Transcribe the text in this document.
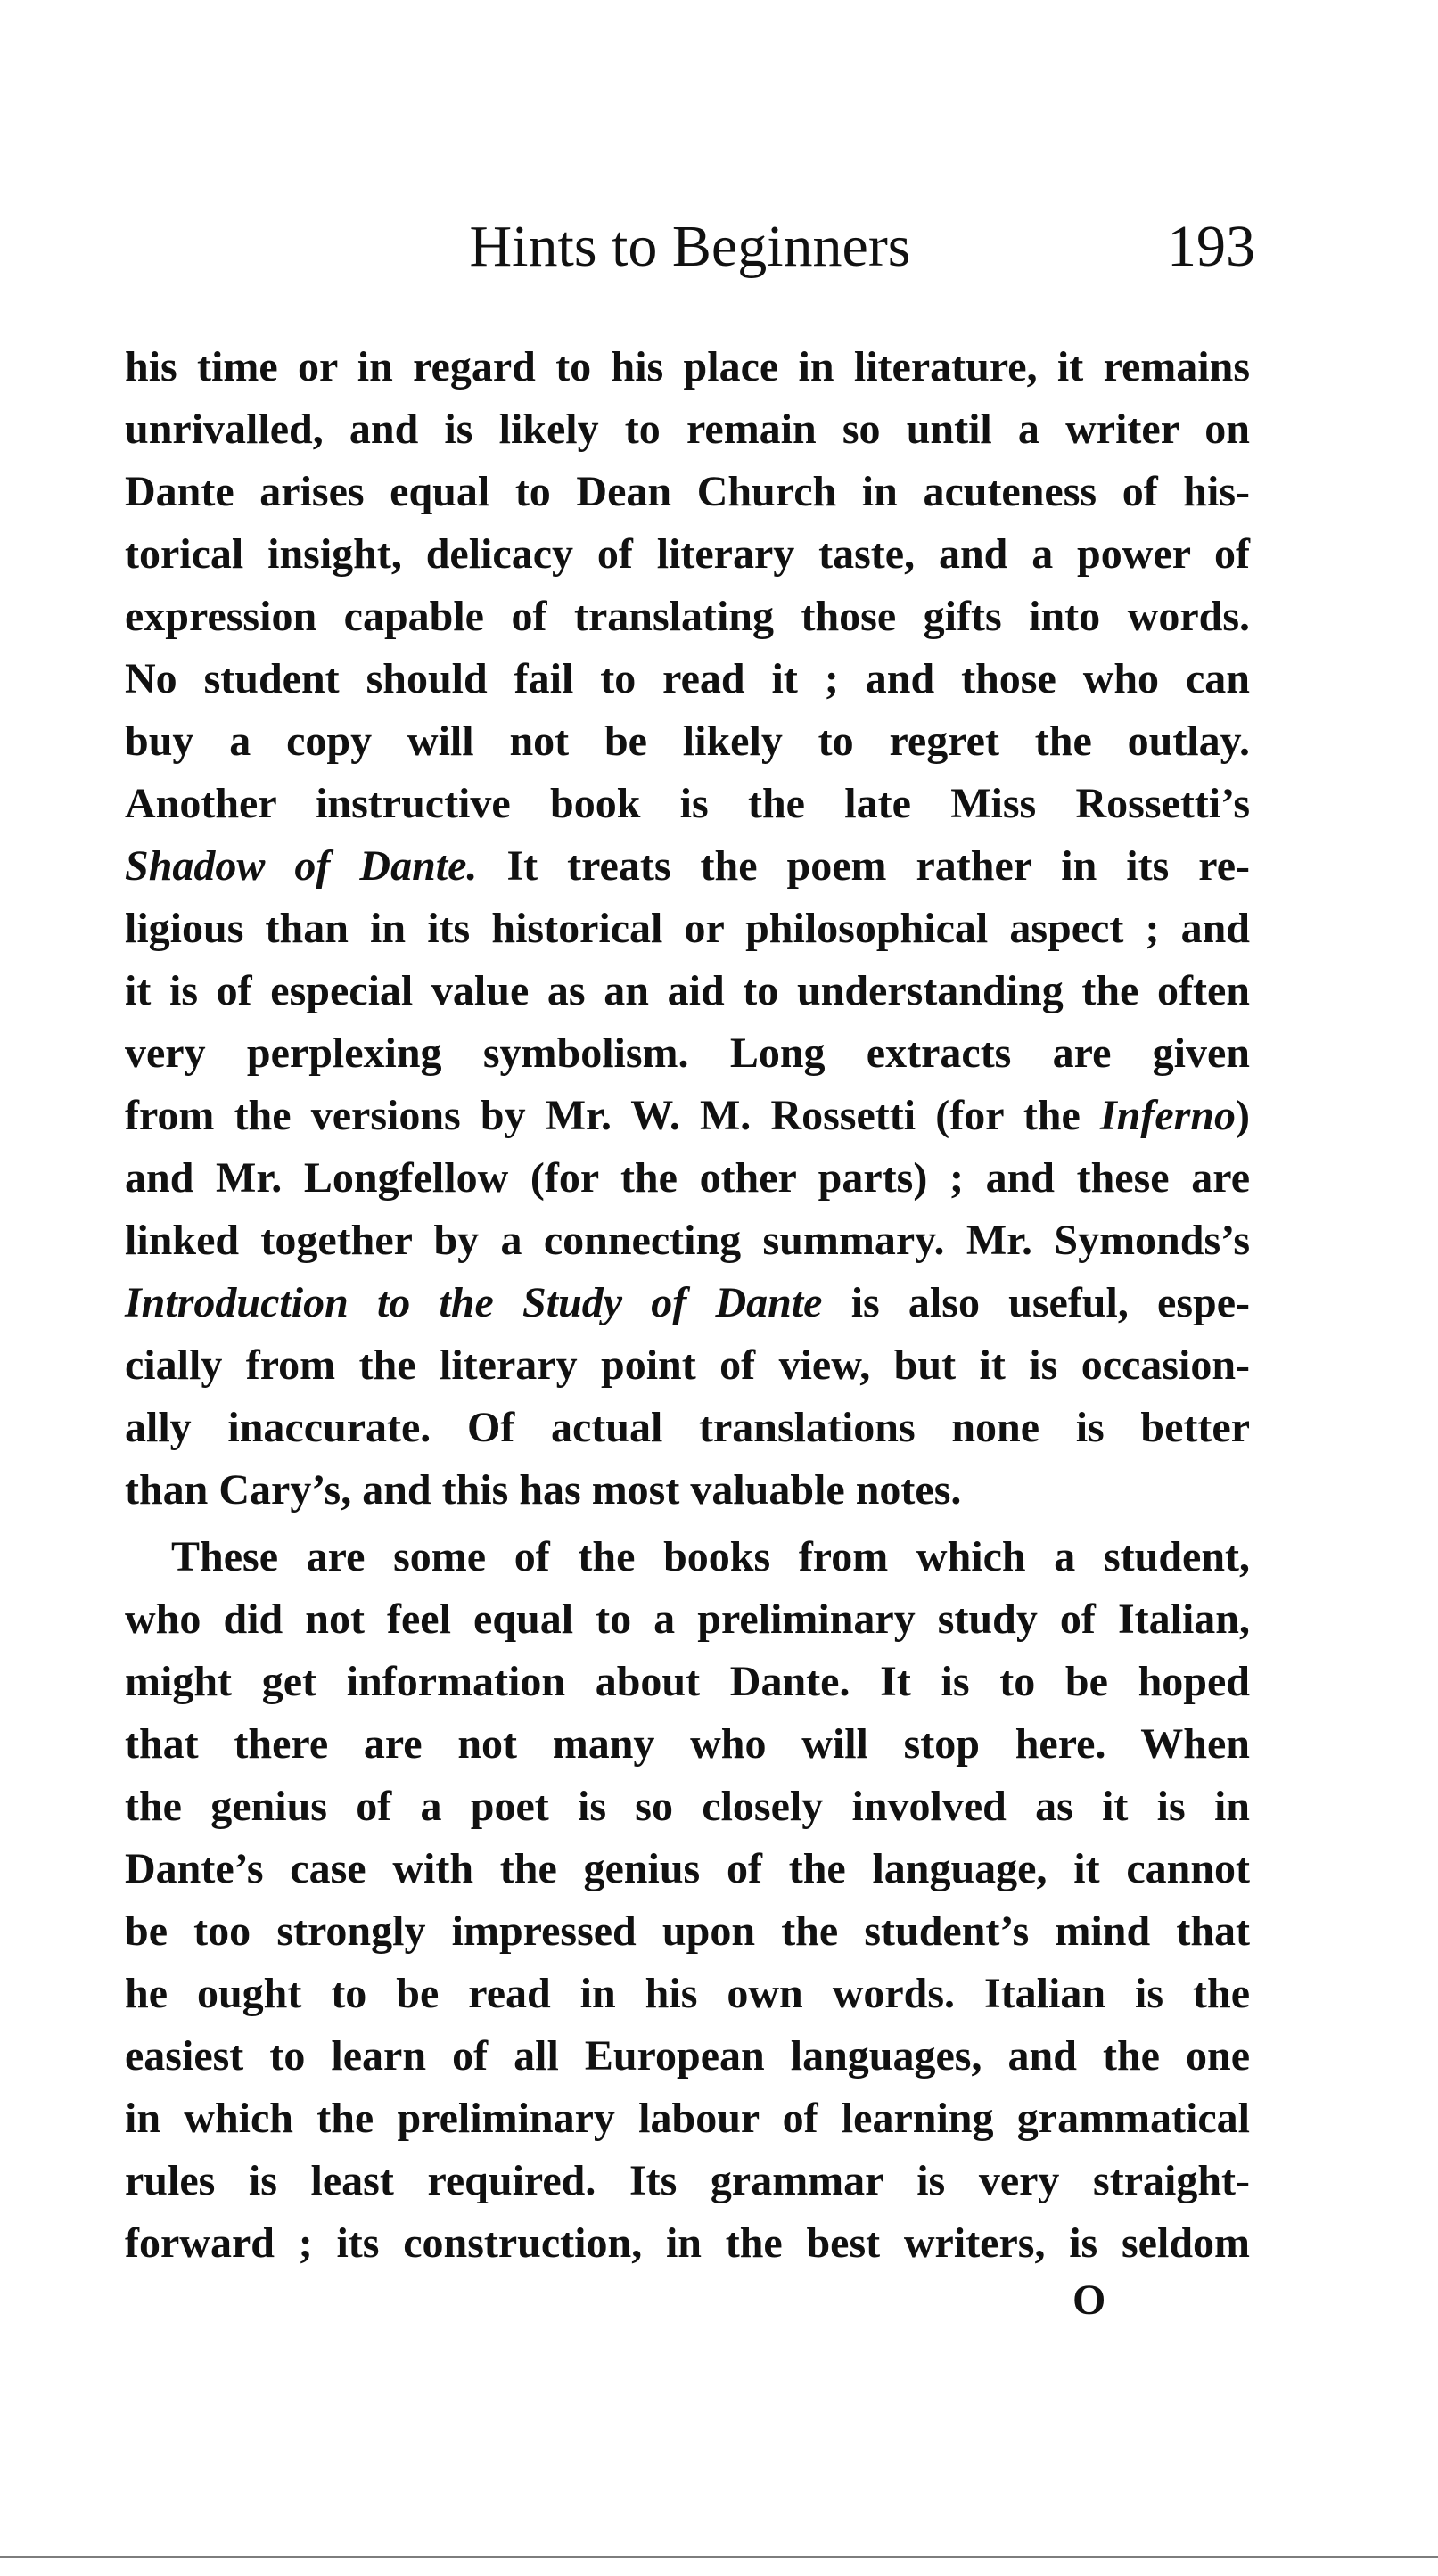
Hints to Beginners	193
his time or in regard to his place in literature, it remains
unrivalled, and is likely to remain so until a writer on
Dante arises equal to Dean Church in acuteness of his-
torical insight, delicacy of literary taste, and a power of
expression capable of translating those gifts into words.
No student should fail to read it ; and those who can
buy a copy will not be likely to regret the outlay.
Another instructive book is the late Miss Rossetti’s
Shadow of Dante. It treats the poem rather in its re-
ligious than in its historical or philosophical aspect ; and
it is of especial value as an aid to understanding the often
very perplexing symbolism. Long extracts are given
from the versions by Mr. W. M. Rossetti (for the Inferno)
and Mr. Longfellow (for the other parts) ; and these are
linked together by a connecting summary. Mr. Symonds’s
Introduction to the Study of Dante is also useful, espe-
cially from the literary point of view, but it is occasion-
ally inaccurate. Of actual translations none is better
than Cary’s, and this has most valuable notes.
These are some of the books from which a student,
who did not feel equal to a preliminary study of Italian,
might get information about Dante. It is to be hoped
that there are not many who will stop here. When
the genius of a poet is so closely involved as it is in
Dante’s case with the genius of the language, it cannot
be too strongly impressed upon the student’s mind that
he ought to be read in his own words. Italian is the
easiest to learn of all European languages, and the one
in which the preliminary labour of learning grammatical
rules is least required. Its grammar is very straight-
forward ; its construction, in the best writers, is seldom
O
